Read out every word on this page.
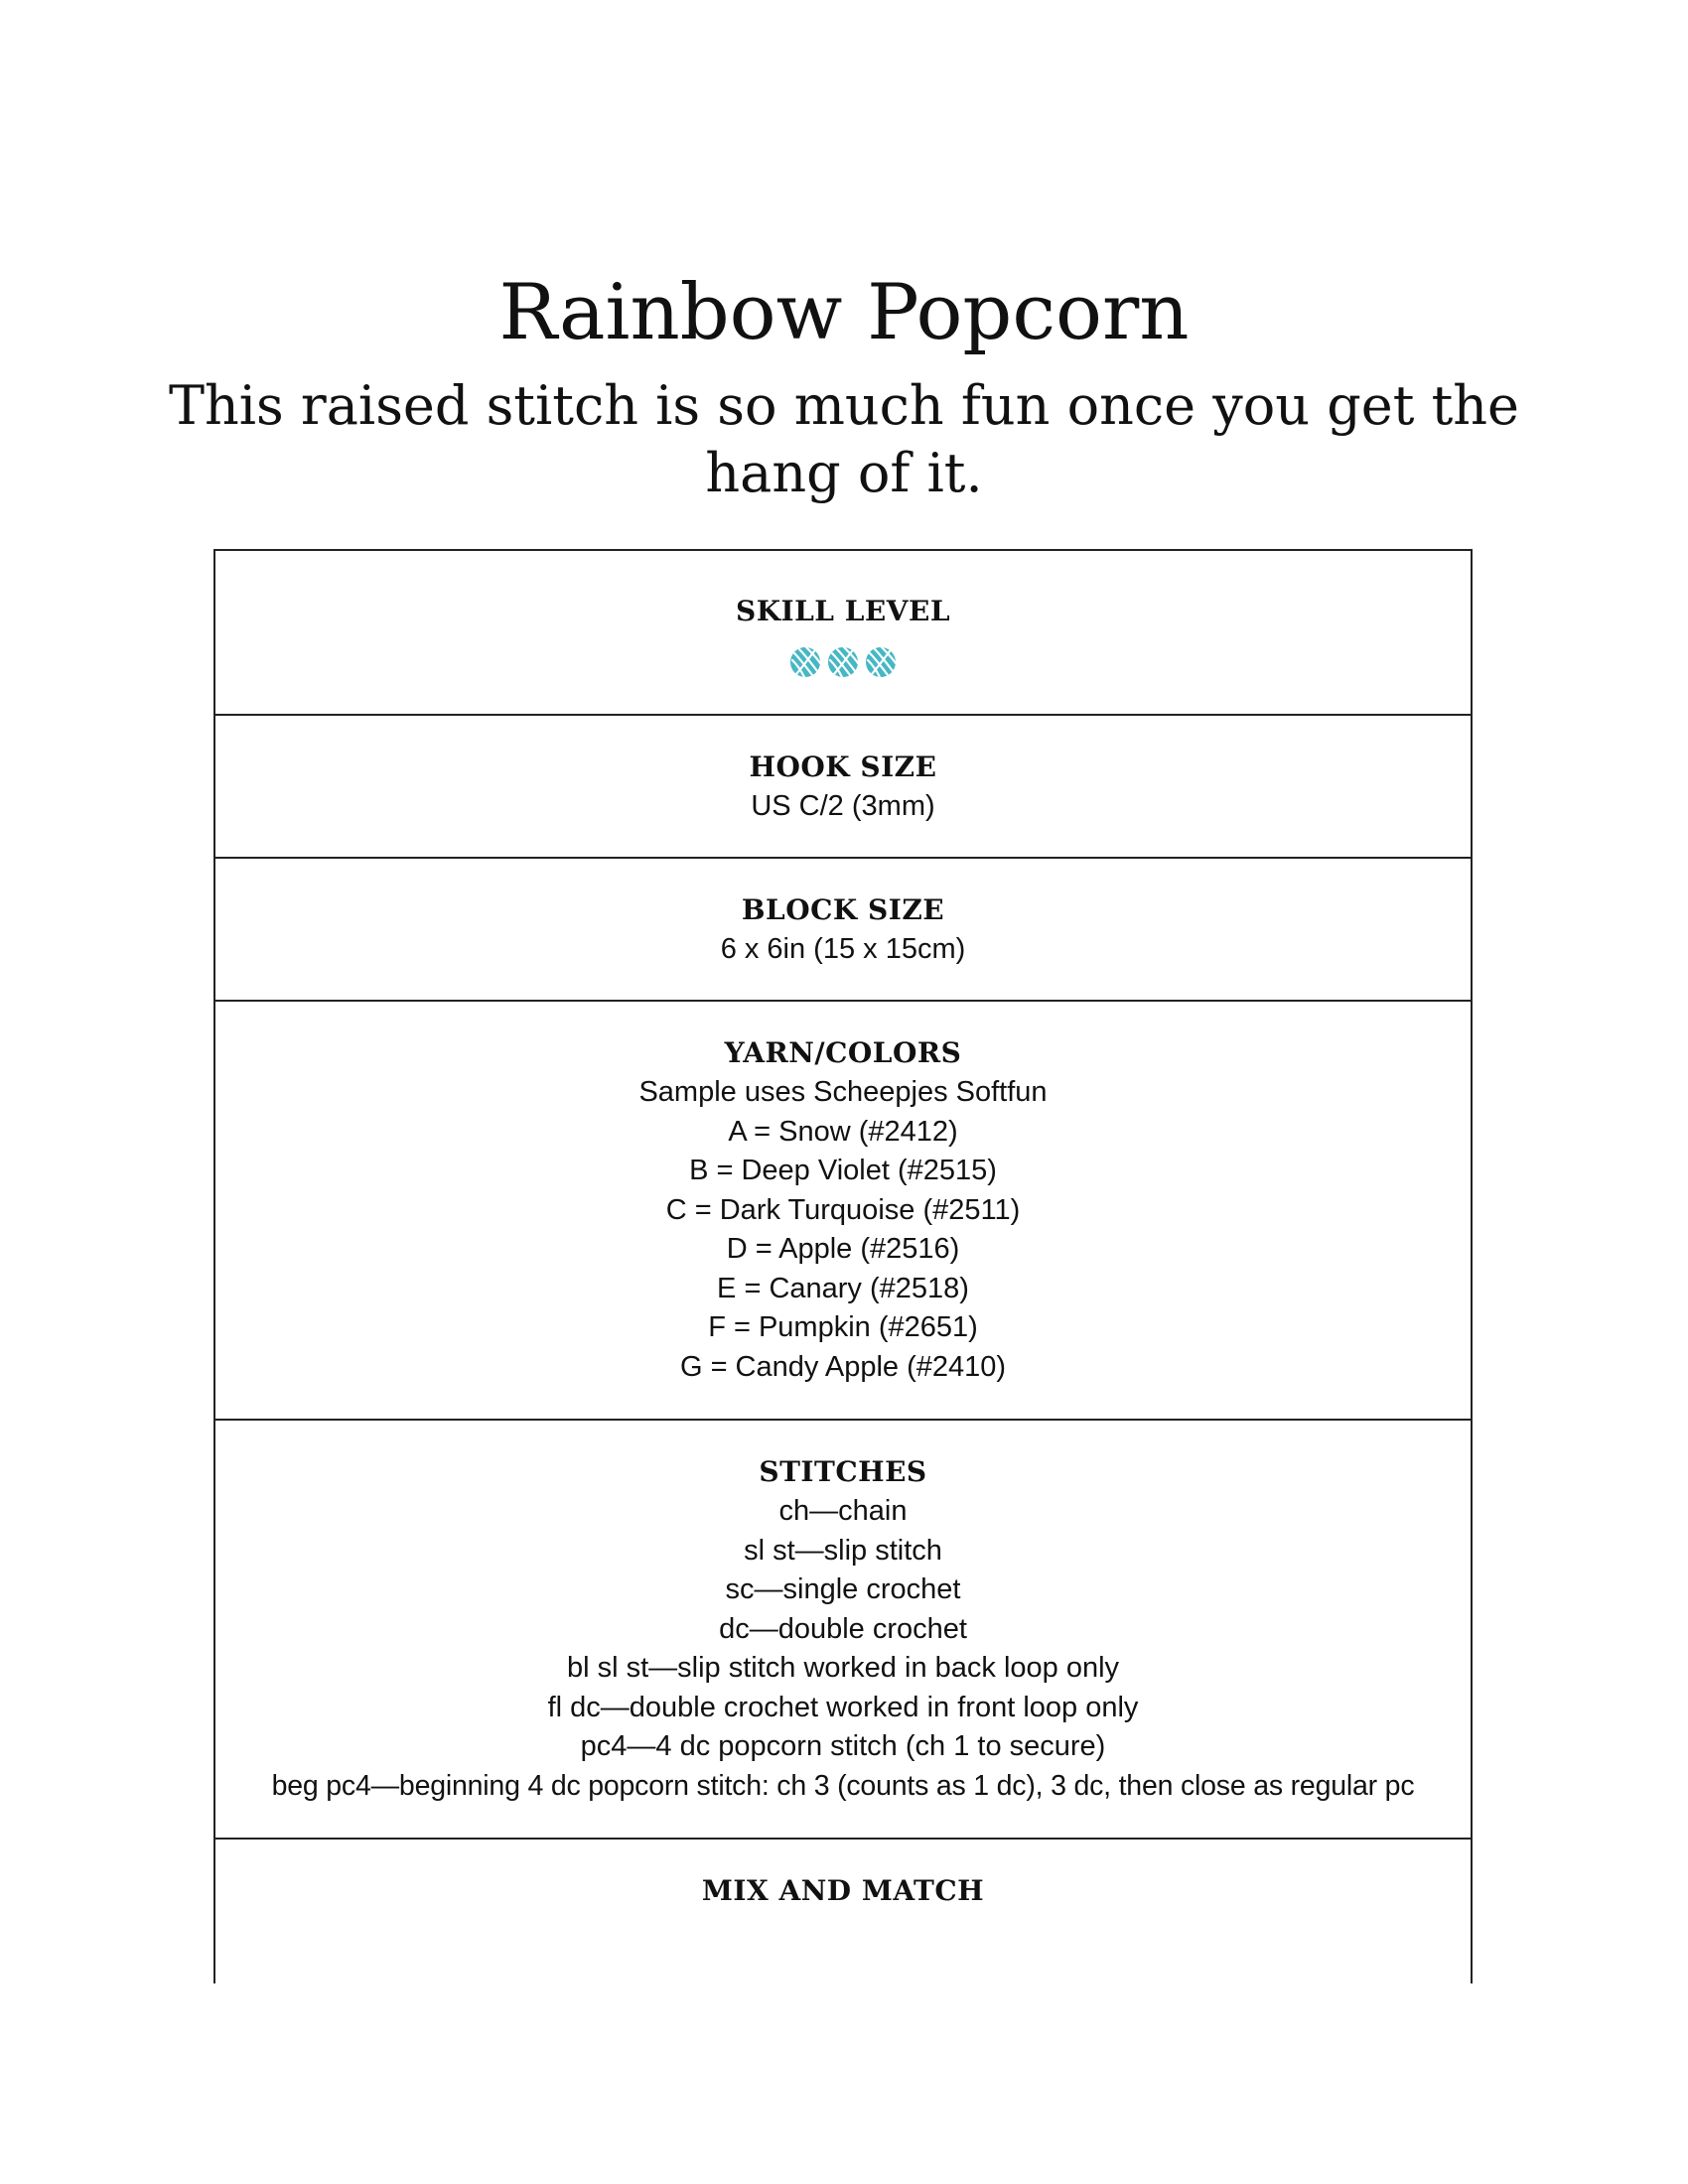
Rainbow Popcorn
This raised stitch is so much fun once you get the hang of it.
SKILL LEVEL
HOOK SIZE
US C/2 (3mm)
BLOCK SIZE
6 x 6in (15 x 15cm)
YARN/COLORS
Sample uses Scheepjes Softfun
A = Snow (#2412)
B = Deep Violet (#2515)
C = Dark Turquoise (#2511)
D = Apple (#2516)
E = Canary (#2518)
F = Pumpkin (#2651)
G = Candy Apple (#2410)
STITCHES
ch—chain
sl st—slip stitch
sc—single crochet
dc—double crochet
bl sl st—slip stitch worked in back loop only
fl dc—double crochet worked in front loop only
pc4—4 dc popcorn stitch (ch 1 to secure)
beg pc4—beginning 4 dc popcorn stitch: ch 3 (counts as 1 dc), 3 dc, then close as regular pc
MIX AND MATCH
